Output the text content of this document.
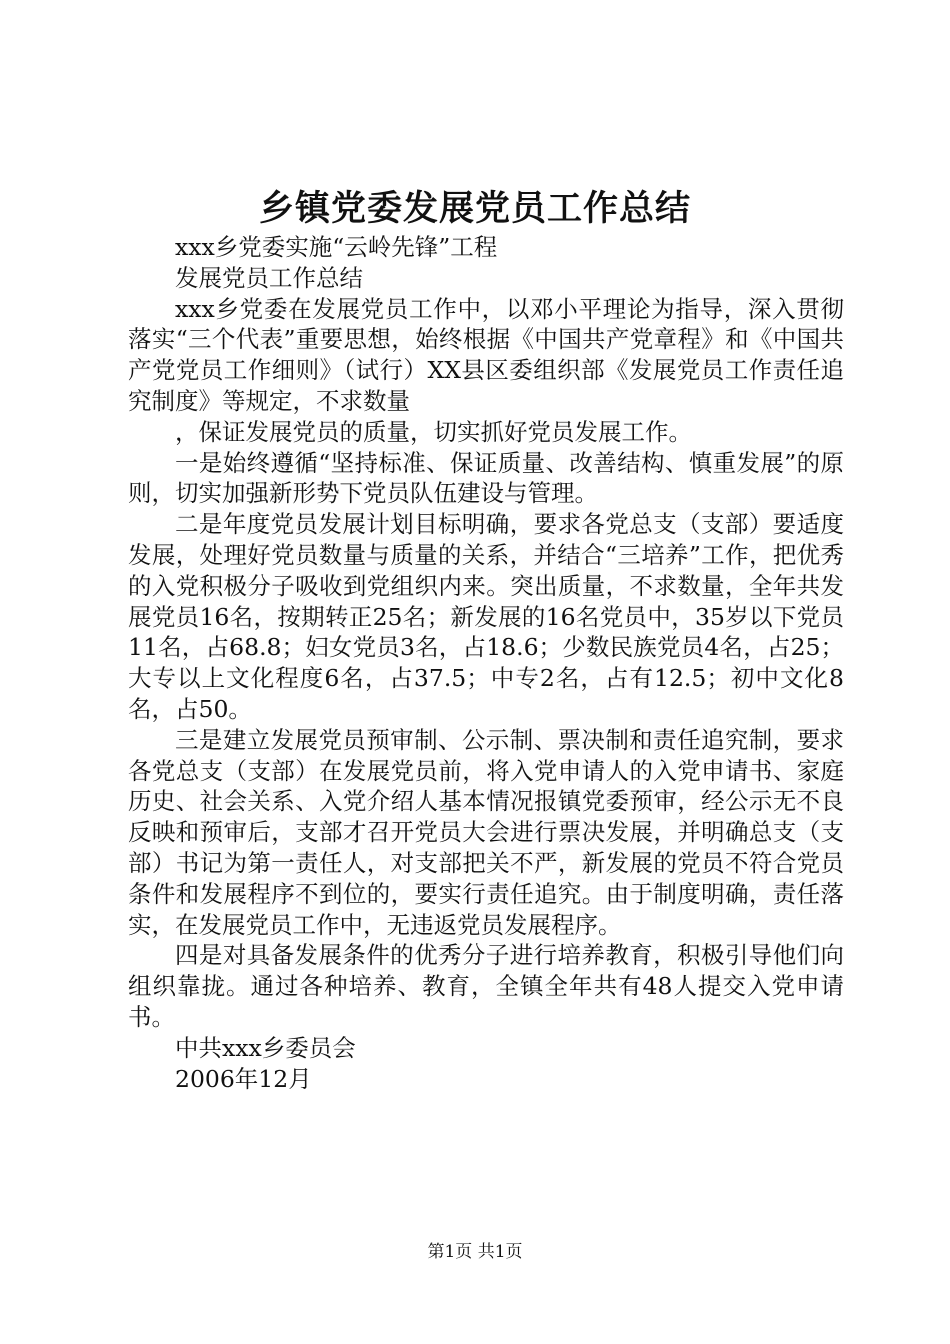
乡镇党委发展党员工作总结

xxx乡党委实施“云岭先锋”工程

发展党员工作总结

xxx乡党委在发展党员工作中，以邓小平理论为指导，深入贯彻落实“三个代表”重要思想，始终根据《中国共产党章程》和《中国共产党党员工作细则》（试行）XX县区委组织部《发展党员工作责任追究制度》等规定，不求数量

，保证发展党员的质量，切实抓好党员发展工作。

一是始终遵循“坚持标准、保证质量、改善结构、慎重发展”的原则，切实加强新形势下党员队伍建设与管理。

二是年度党员发展计划目标明确，要求各党总支（支部）要适度发展，处理好党员数量与质量的关系，并结合“三培养”工作，把优秀的入党积极分子吸收到党组织内来。突出质量，不求数量，全年共发展党员16名，按期转正25名；新发展的16名党员中，35岁以下党员11名，占68.8；妇女党员3名，占18.6；少数民族党员4名，占25；大专以上文化程度6名，占37.5；中专2名，占有12.5；初中文化8名，占50。

三是建立发展党员预审制、公示制、票决制和责任追究制，要求各党总支（支部）在发展党员前，将入党申请人的入党申请书、家庭历史、社会关系、入党介绍人基本情况报镇党委预审，经公示无不良反映和预审后，支部才召开党员大会进行票决发展，并明确总支（支部）书记为第一责任人，对支部把关不严，新发展的党员不符合党员条件和发展程序不到位的，要实行责任追究。由于制度明确，责任落实，在发展党员工作中，无违返党员发展程序。

四是对具备发展条件的优秀分子进行培养教育，积极引导他们向组织靠拢。通过各种培养、教育，全镇全年共有48人提交入党申请书。

中共xxx乡委员会

2006年12月

第1页 共1页
